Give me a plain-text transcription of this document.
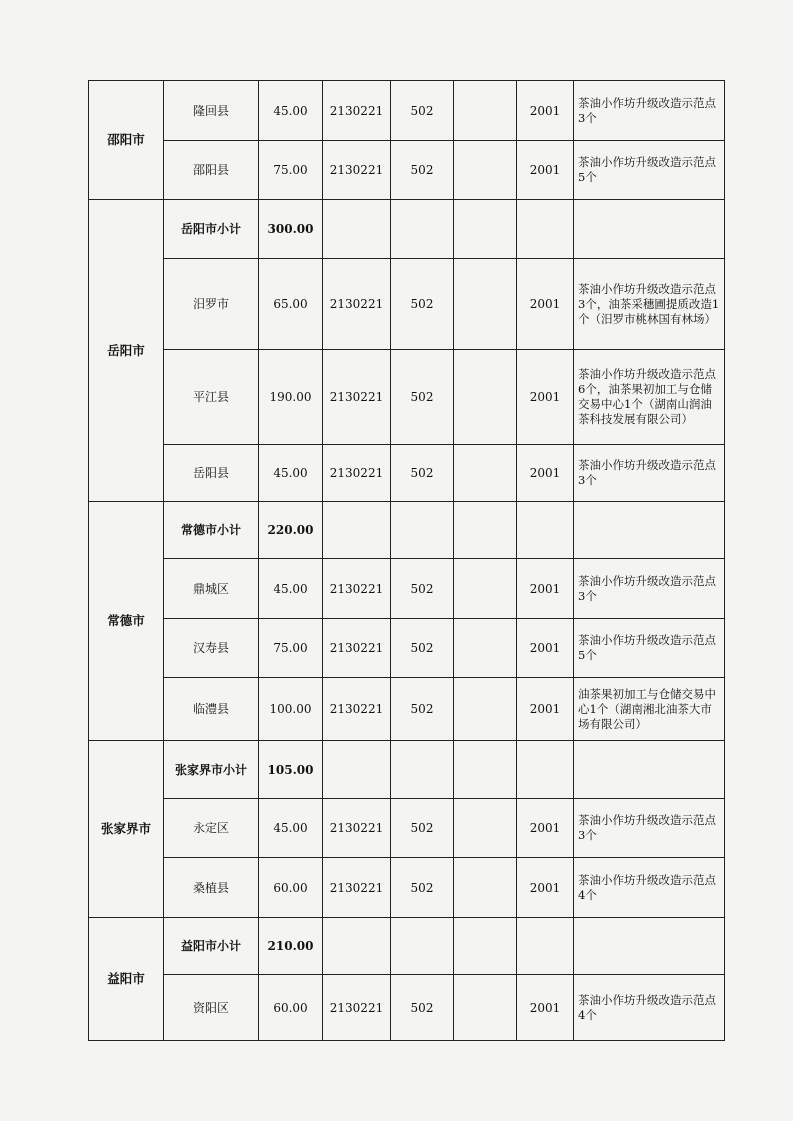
邵阳市	隆回县	45.00	2130221	502		2001	茶油小作坊升级改造示范点3个
	邵阳县	75.00	2130221	502		2001	茶油小作坊升级改造示范点5个
岳阳市	岳阳市小计	300.00					
	汨罗市	65.00	2130221	502		2001	茶油小作坊升级改造示范点3个，油茶采穗圃提质改造1个（汨罗市桃林国有林场）
	平江县	190.00	2130221	502		2001	茶油小作坊升级改造示范点6个，油茶果初加工与仓储交易中心1个（湖南山润油茶科技发展有限公司）
	岳阳县	45.00	2130221	502		2001	茶油小作坊升级改造示范点3个
常德市	常德市小计	220.00					
	鼎城区	45.00	2130221	502		2001	茶油小作坊升级改造示范点3个
	汉寿县	75.00	2130221	502		2001	茶油小作坊升级改造示范点5个
	临澧县	100.00	2130221	502		2001	油茶果初加工与仓储交易中心1个（湖南湘北油茶大市场有限公司）
张家界市	张家界市小计	105.00					
	永定区	45.00	2130221	502		2001	茶油小作坊升级改造示范点3个
	桑植县	60.00	2130221	502		2001	茶油小作坊升级改造示范点4个
益阳市	益阳市小计	210.00					
	资阳区	60.00	2130221	502		2001	茶油小作坊升级改造示范点4个
